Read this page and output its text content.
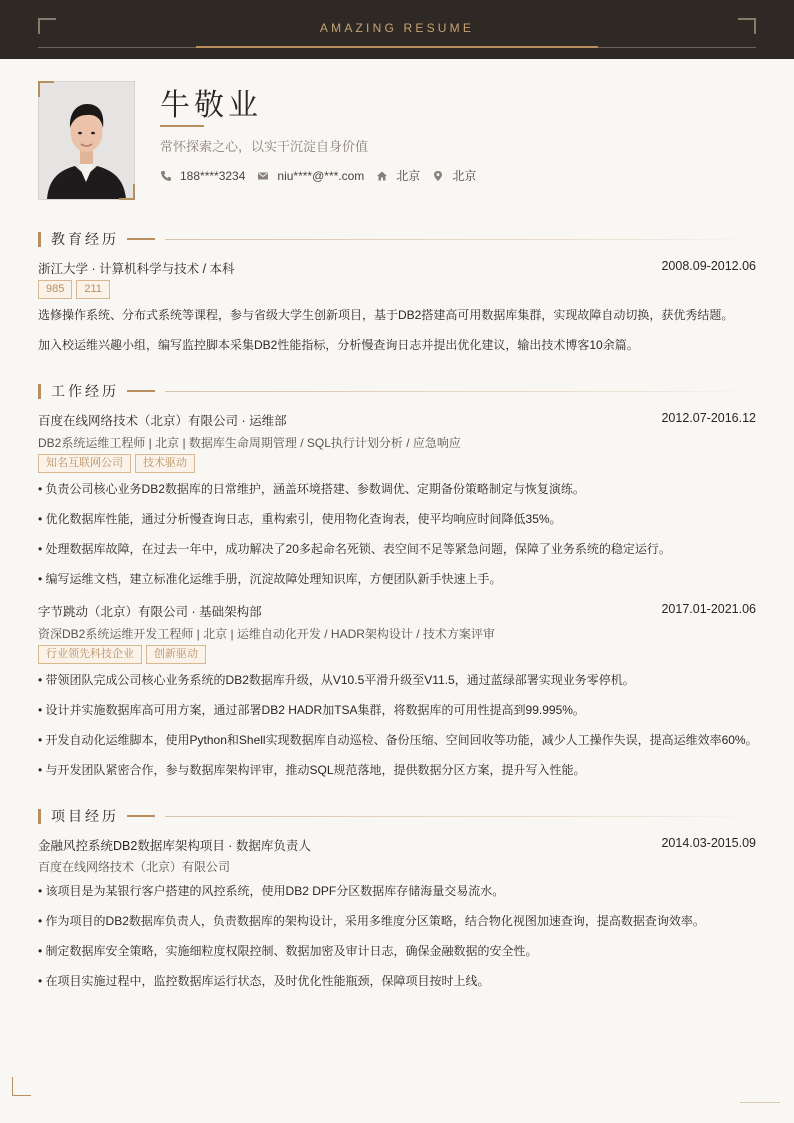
AMAZING RESUME
牛敬业
常怀探索之心，以实干沉淀自身价值
188****3234	niu****@***.com	北京	北京
教育经历
浙江大学 · 计算机科学与技术 / 本科	2008.09-2012.06
985	211
选修操作系统、分布式系统等课程，参与省级大学生创新项目，基于DB2搭建高可用数据库集群，实现故障自动切换，获优秀结题。
加入校运维兴趣小组，编写监控脚本采集DB2性能指标，分析慢查询日志并提出优化建议，输出技术博客10余篇。
工作经历
百度在线网络技术（北京）有限公司 · 运维部	2012.07-2016.12
DB2系统运维工程师 | 北京 | 数据库生命周期管理 / SQL执行计划分析 / 应急响应
知名互联网公司	技术驱动
• 负责公司核心业务DB2数据库的日常维护，涵盖环境搭建、参数调优、定期备份策略制定与恢复演练。
• 优化数据库性能，通过分析慢查询日志，重构索引，使用物化查询表，使平均响应时间降低35%。
• 处理数据库故障，在过去一年中，成功解决了20多起命名死锁、表空间不足等紧急问题，保障了业务系统的稳定运行。
• 编写运维文档，建立标准化运维手册，沉淀故障处理知识库，方便团队新手快速上手。
字节跳动（北京）有限公司 · 基础架构部	2017.01-2021.06
资深DB2系统运维开发工程师 | 北京 | 运维自动化开发 / HADR架构设计 / 技术方案评审
行业领先科技企业	创新驱动
• 带领团队完成公司核心业务系统的DB2数据库升级，从V10.5平滑升级至V11.5，通过蓝绿部署实现业务零停机。
• 设计并实施数据库高可用方案，通过部署DB2 HADR加TSA集群，将数据库的可用性提高到99.995%。
• 开发自动化运维脚本，使用Python和Shell实现数据库自动巡检、备份压缩、空间回收等功能，减少人工操作失误，提高运维效率60%。
• 与开发团队紧密合作，参与数据库架构评审，推动SQL规范落地，提供数据分区方案，提升写入性能。
项目经历
金融风控系统DB2数据库架构项目 · 数据库负责人	2014.03-2015.09
百度在线网络技术（北京）有限公司
• 该项目是为某银行客户搭建的风控系统，使用DB2 DPF分区数据库存储海量交易流水。
• 作为项目的DB2数据库负责人，负责数据库的架构设计，采用多维度分区策略，结合物化视图加速查询，提高数据查询效率。
• 制定数据库安全策略，实施细粒度权限控制、数据加密及审计日志，确保金融数据的安全性。
• 在项目实施过程中，监控数据库运行状态，及时优化性能瓶颈，保障项目按时上线。
